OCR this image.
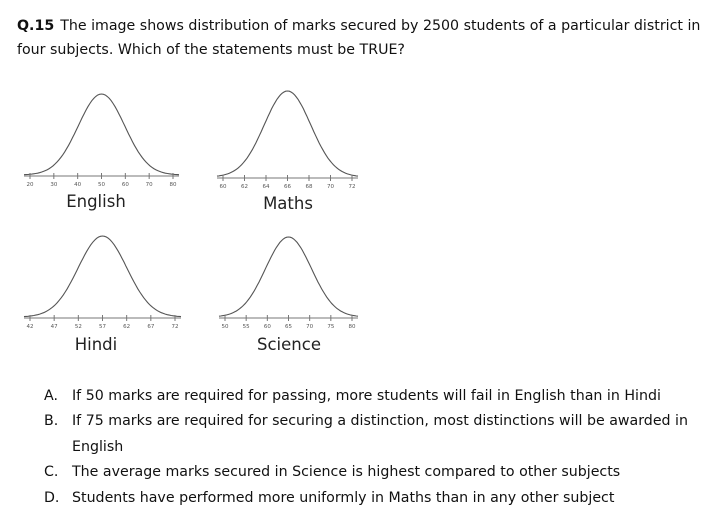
Q.15 The image shows distribution of marks secured by 2500 students of a particular district in four subjects. Which of the statements must be TRUE?
20	30	40	50	60	70	80
English
60	62	64	66	68	70	72
Maths
42	47	52	57	62	67	72
Hindi
50	55	60	65	70	75	80
Science
A. If 50 marks are required for passing, more students will fail in English than in Hindi
B. If 75 marks are required for securing a distinction, most distinctions will be awarded in English
C. The average marks secured in Science is highest compared to other subjects
D. Students have performed more uniformly in Maths than in any other subject
